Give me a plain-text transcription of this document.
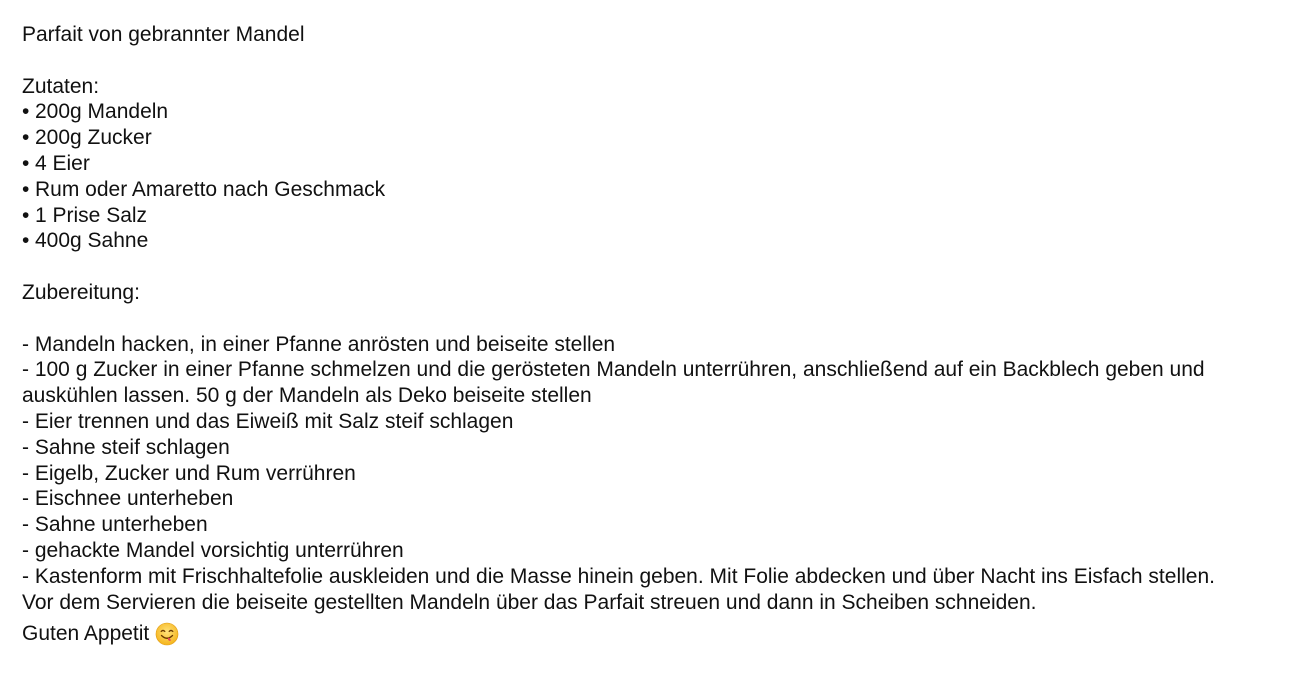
Parfait von gebrannter Mandel

Zutaten:

• 200g Mandeln
• 200g Zucker
• 4 Eier
• Rum oder Amaretto nach Geschmack
• 1 Prise Salz
• 400g Sahne

Zubereitung:

- Mandeln hacken, in einer Pfanne anrösten und beiseite stellen
- 100 g Zucker in einer Pfanne schmelzen und die gerösteten Mandeln unterrühren, anschließend auf ein Backblech geben und auskühlen lassen. 50 g der Mandeln als Deko beiseite stellen
- Eier trennen und das Eiweiß mit Salz steif schlagen
- Sahne steif schlagen
- Eigelb, Zucker und Rum verrühren
- Eischnee unterheben
- Sahne unterheben
- gehackte Mandel vorsichtig unterrühren
- Kastenform mit Frischhaltefolie auskleiden und die Masse hinein geben. Mit Folie abdecken und über Nacht ins Eisfach stellen.

Vor dem Servieren die beiseite gestellten Mandeln über das Parfait streuen und dann in Scheiben schneiden.

Guten Appetit
